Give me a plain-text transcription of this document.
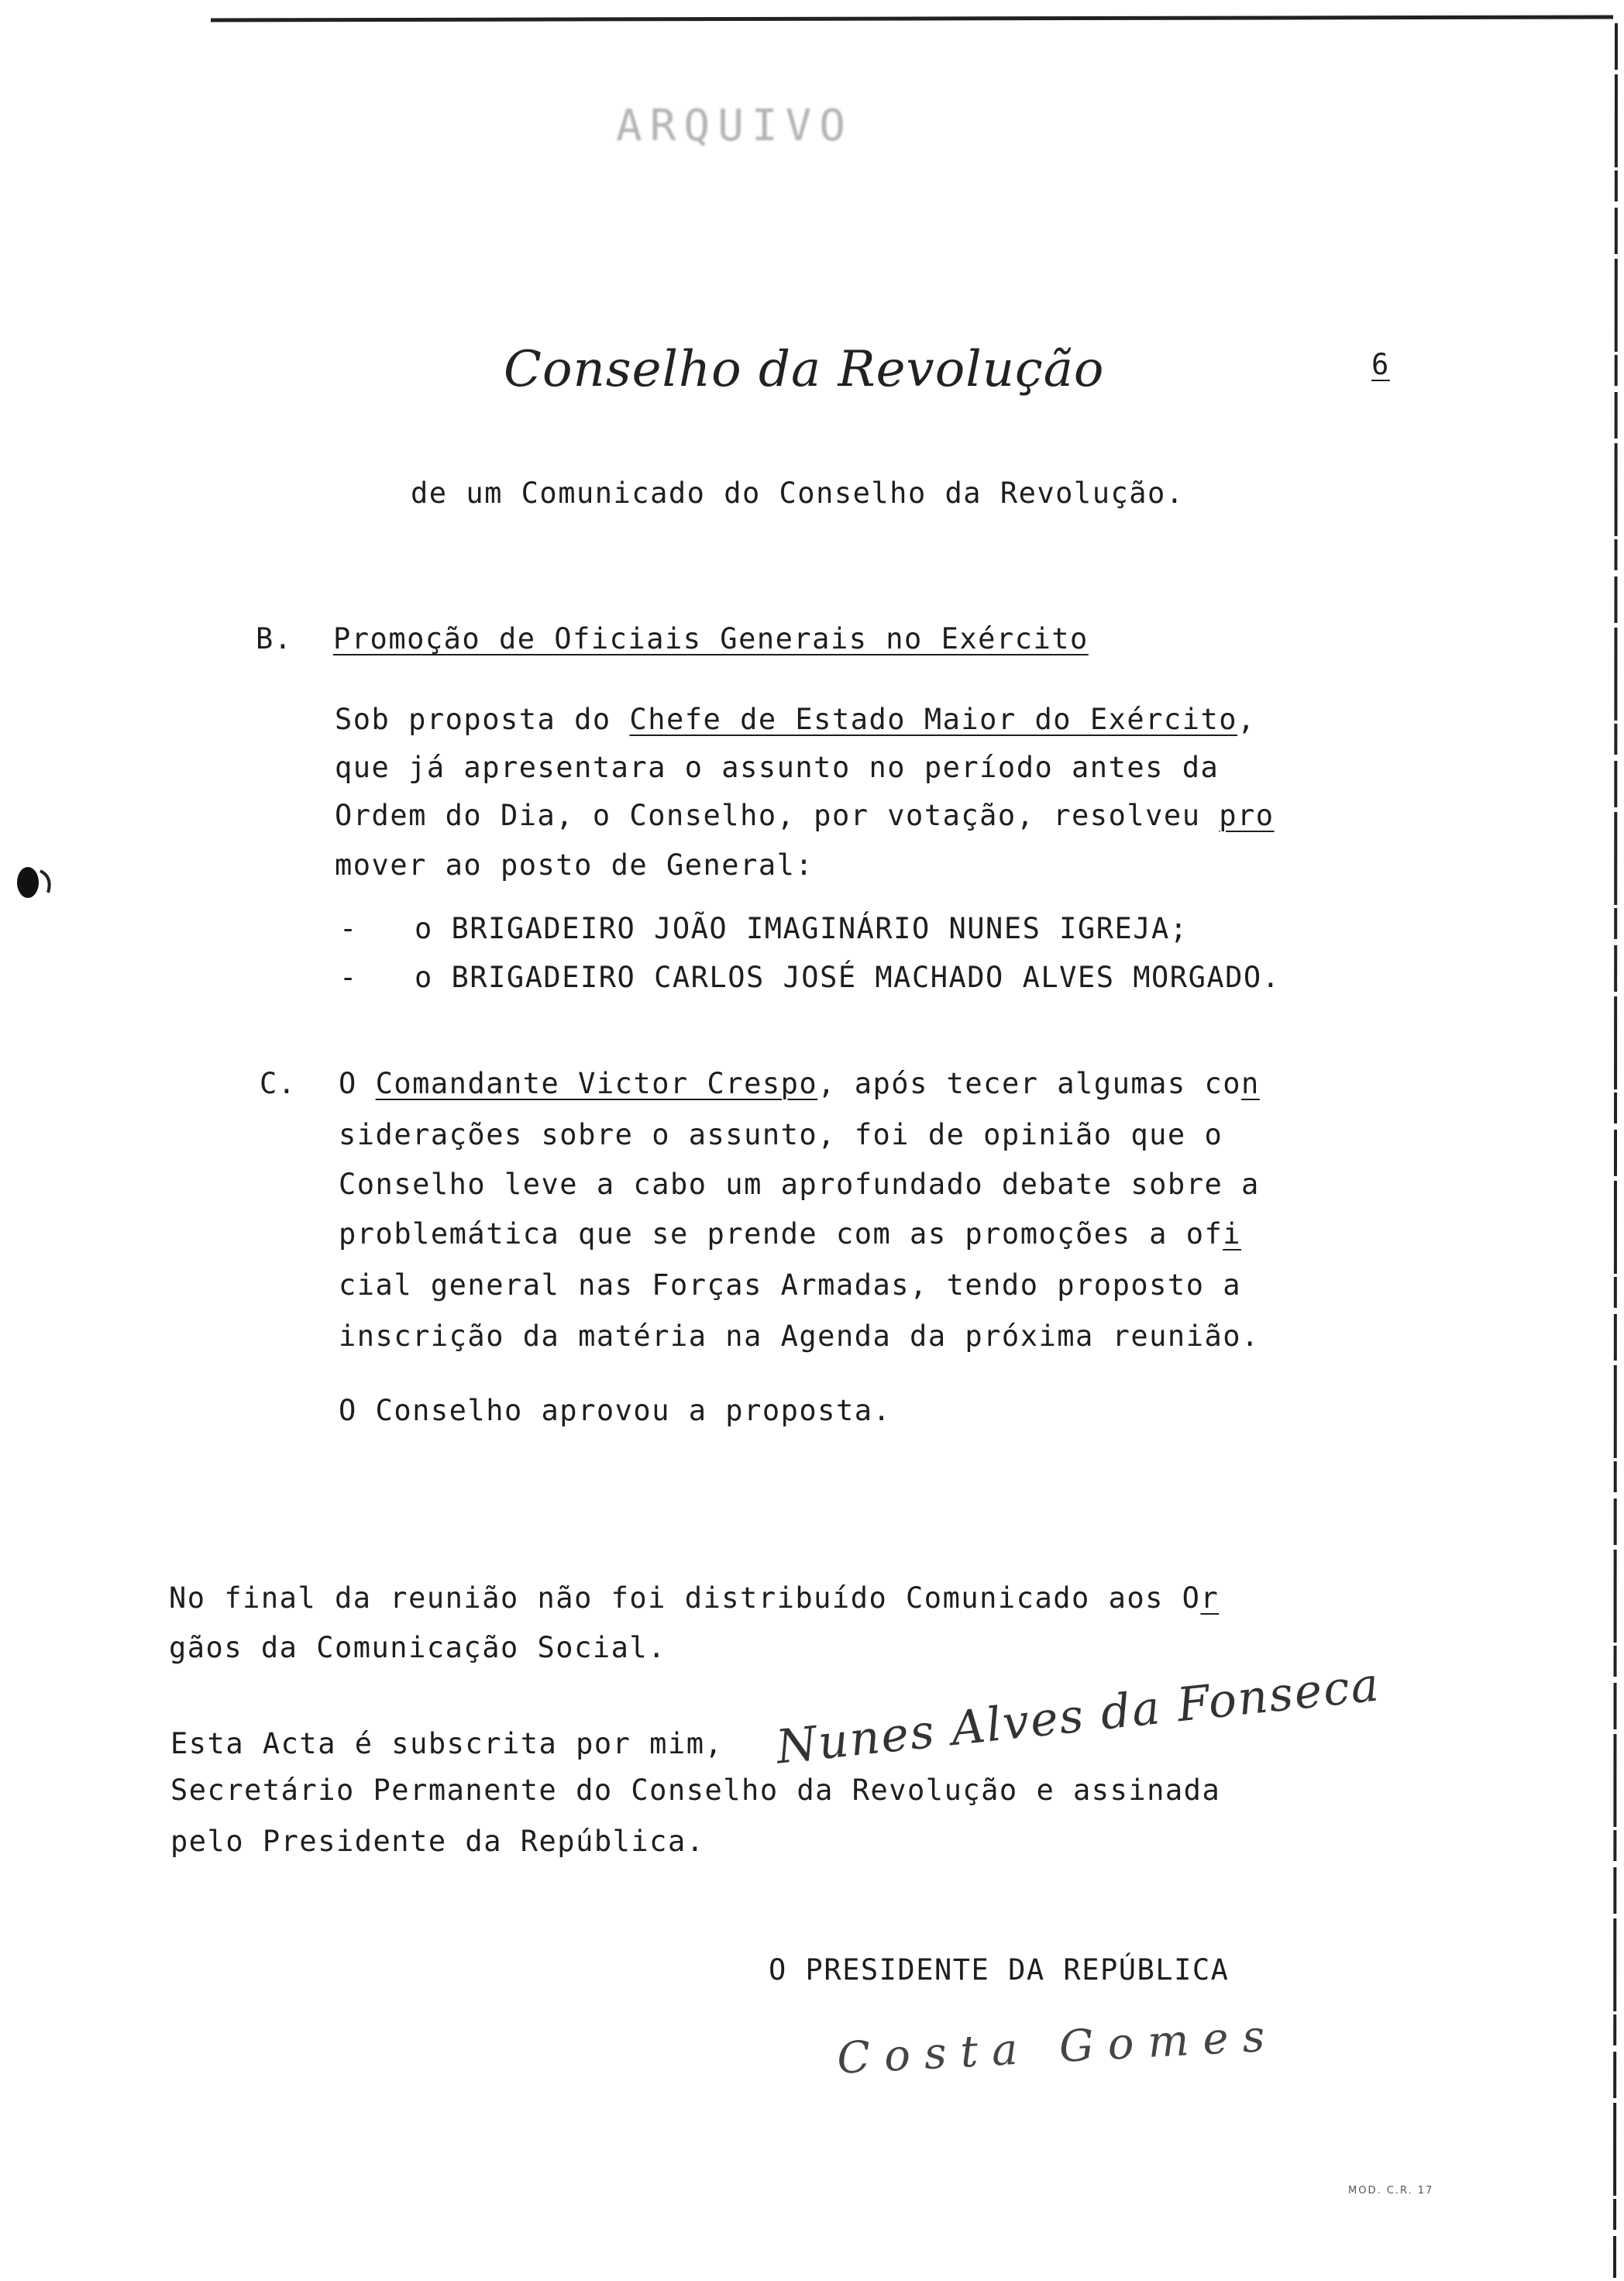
ARQUIVO
Conselho da Revolução	6
de um Comunicado do Conselho da Revolução.
B. Promoção de Oficiais Generais no Exército
Sob proposta do Chefe de Estado Maior do Exército,
que já apresentara o assunto no período antes da
Ordem do Dia, o Conselho, por votação, resolveu pro
mover ao posto de General:
- o BRIGADEIRO JOÃO IMAGINÁRIO NUNES IGREJA;
- o BRIGADEIRO CARLOS JOSÉ MACHADO ALVES MORGADO.
C. O Comandante Victor Crespo, após tecer algumas con
siderações sobre o assunto, foi de opinião que o
Conselho leve a cabo um aprofundado debate sobre a
problemática que se prende com as promoções a ofi
cial general nas Forças Armadas, tendo proposto a
inscrição da matéria na Agenda da próxima reunião.
O Conselho aprovou a proposta.
No final da reunião não foi distribuído Comunicado aos Or
gãos da Comunicação Social.
Esta Acta é subscrita por mim, Nunes Alves da Fonseca
Secretário Permanente do Conselho da Revolução e assinada
pelo Presidente da República.
O PRESIDENTE DA REPÚBLICA
Costa Gomes
MOD. C.R. 17
